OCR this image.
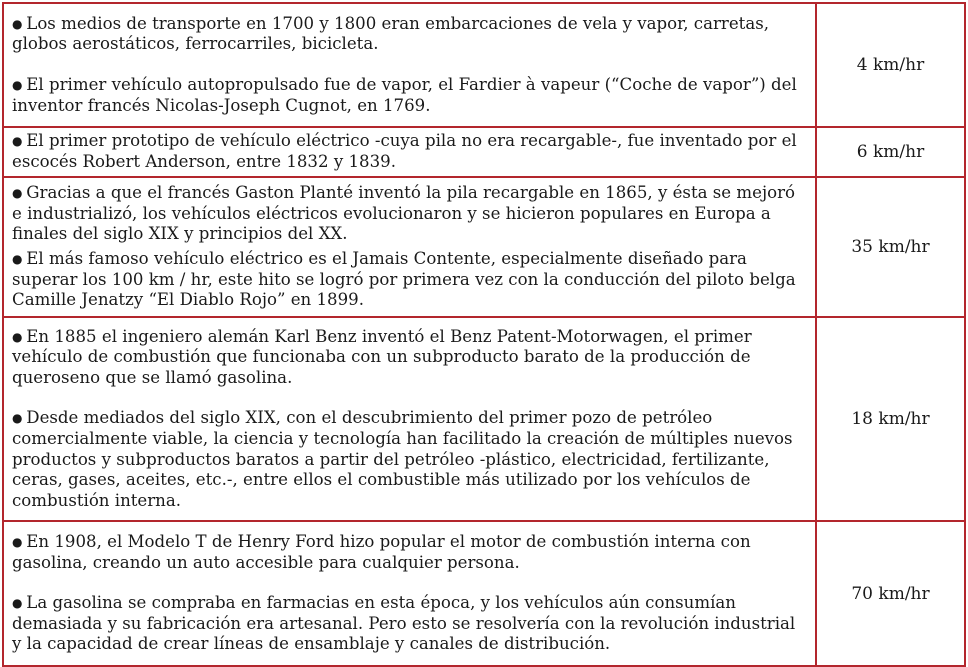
● Los medios de transporte en 1700 y 1800 eran embarcaciones de vela y vapor, carretas, globos aerostáticos, ferrocarriles, bicicleta.

● El primer vehículo autopropulsado fue de vapor, el Fardier à vapeur (“Coche de vapor”) del inventor francés Nicolas-Joseph Cugnot, en 1769.	4 km/hr

● El primer prototipo de vehículo eléctrico -cuya pila no era recargable-, fue inventado por el escocés Robert Anderson, entre 1832 y 1839.	6 km/hr

● Gracias a que el francés Gaston Planté inventó la pila recargable en 1865, y ésta se mejoró e industrializó, los vehículos eléctricos evolucionaron y se hicieron populares en Europa a finales del siglo XIX y principios del XX.

● El más famoso vehículo eléctrico es el Jamais Contente, especialmente diseñado para superar los 100 km / hr, este hito se logró por primera vez con la conducción del piloto belga Camille Jenatzy “El Diablo Rojo” en 1899.	35 km/hr

● En 1885 el ingeniero alemán Karl Benz inventó el Benz Patent-Motorwagen, el primer vehículo de combustión que funcionaba con un subproducto barato de la producción de queroseno que se llamó gasolina.

● Desde mediados del siglo XIX, con el descubrimiento del primer pozo de petróleo comercialmente viable, la ciencia y tecnología han facilitado la creación de múltiples nuevos productos y subproductos baratos a partir del petróleo -plástico, electricidad, fertilizante, ceras, gases, aceites, etc.-, entre ellos el combustible más utilizado por los vehículos de combustión interna.	18 km/hr

● En 1908, el Modelo T de Henry Ford hizo popular el motor de combustión interna con gasolina, creando un auto accesible para cualquier persona.

● La gasolina se compraba en farmacias en esta época, y los vehículos aún consumían demasiada y su fabricación era artesanal. Pero esto se resolvería con la revolución industrial y la capacidad de crear líneas de ensamblaje y canales de distribución.	70 km/hr
